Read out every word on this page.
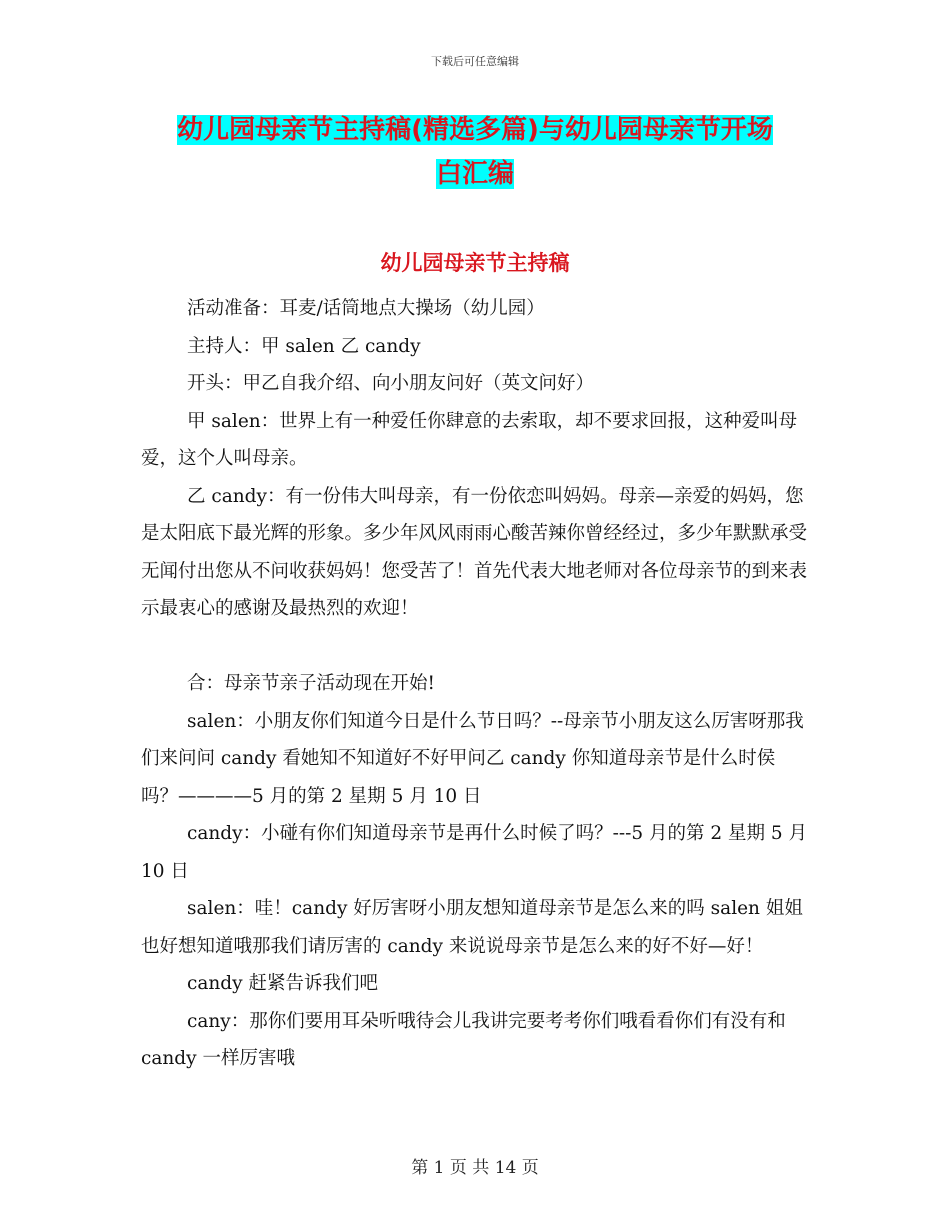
下载后可任意编辑
幼儿园母亲节主持稿(精选多篇)与幼儿园母亲节开场
白汇编
幼儿园母亲节主持稿

活动准备：耳麦/话筒地点大操场（幼儿园）

主持人：甲 salen 乙 candy

开头：甲乙自我介绍、向小朋友问好（英文问好）

甲 salen：世界上有一种爱任你肆意的去索取，却不要求回报，这种爱叫母爱，这个人叫母亲。

乙 candy：有一份伟大叫母亲，有一份依恋叫妈妈。母亲—亲爱的妈妈，您是太阳底下最光辉的形象。多少年风风雨雨心酸苦辣你曾经经过，多少年默默承受无闻付出您从不问收获妈妈！您受苦了！首先代表大地老师对各位母亲节的到来表示最衷心的感谢及最热烈的欢迎！

合：母亲节亲子活动现在开始!

salen：小朋友你们知道今日是什么节日吗？--母亲节小朋友这么厉害呀那我们来问问 candy 看她知不知道好不好甲问乙 candy 你知道母亲节是什么时侯吗？————5 月的第 2 星期 5 月 10 日

candy：小碰有你们知道母亲节是再什么时候了吗？---5 月的第 2 星期 5 月 10 日

salen：哇！candy 好厉害呀小朋友想知道母亲节是怎么来的吗 salen 姐姐也好想知道哦那我们请厉害的 candy 来说说母亲节是怎么来的好不好—好！

candy 赶紧告诉我们吧

cany：那你们要用耳朵听哦待会儿我讲完要考考你们哦看看你们有没有和 candy 一样厉害哦

第 1 页 共 14 页
